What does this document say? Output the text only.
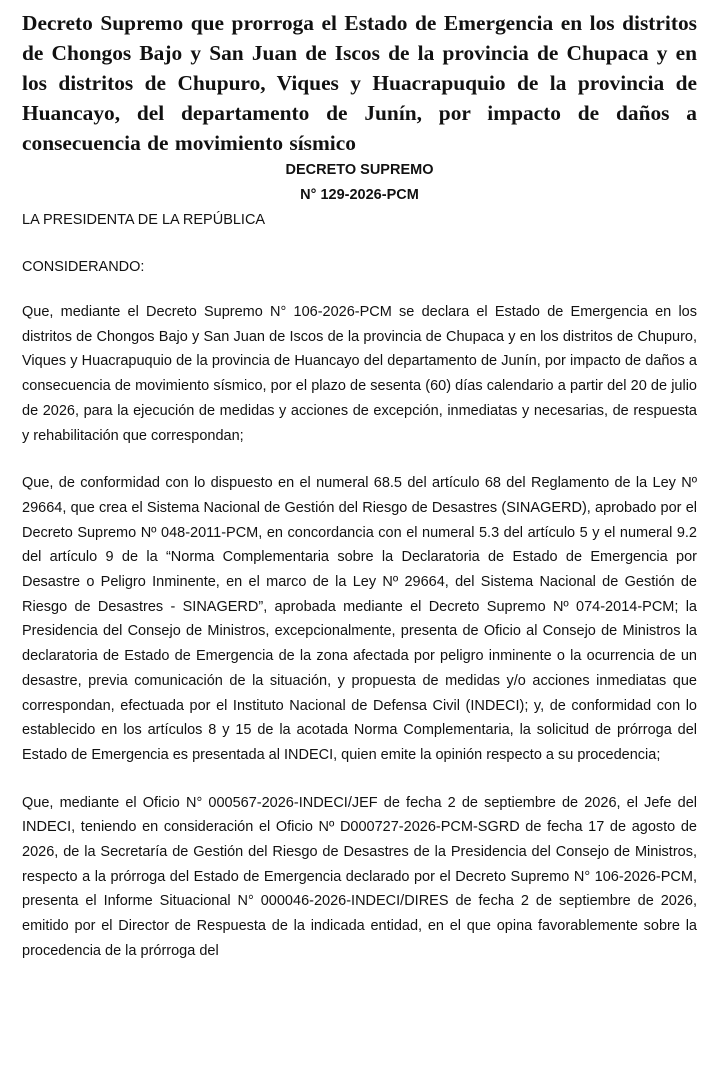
Decreto Supremo que prorroga el Estado de Emergencia en los distritos de Chongos Bajo y San Juan de Iscos de la provincia de Chupaca y en los distritos de Chupuro, Viques y Huacrapuquio de la provincia de Huancayo, del departamento de Junín, por impacto de daños a consecuencia de movimiento sísmico

DECRETO SUPREMO

N° 129-2026-PCM

LA PRESIDENTA DE LA REPÚBLICA

CONSIDERANDO:

Que, mediante el Decreto Supremo N° 106-2026-PCM se declara el Estado de Emergencia en los distritos de Chongos Bajo y San Juan de Iscos de la provincia de Chupaca y en los distritos de Chupuro, Viques y Huacrapuquio de la provincia de Huancayo del departamento de Junín, por impacto de daños a consecuencia de movimiento sísmico, por el plazo de sesenta (60) días calendario a partir del 20 de julio de 2026, para la ejecución de medidas y acciones de excepción, inmediatas y necesarias, de respuesta y rehabilitación que correspondan;

Que, de conformidad con lo dispuesto en el numeral 68.5 del artículo 68 del Reglamento de la Ley Nº 29664, que crea el Sistema Nacional de Gestión del Riesgo de Desastres (SINAGERD), aprobado por el Decreto Supremo Nº 048-2011-PCM, en concordancia con el numeral 5.3 del artículo 5 y el numeral 9.2 del artículo 9 de la “Norma Complementaria sobre la Declaratoria de Estado de Emergencia por Desastre o Peligro Inminente, en el marco de la Ley Nº 29664, del Sistema Nacional de Gestión de Riesgo de Desastres - SINAGERD”, aprobada mediante el Decreto Supremo Nº 074-2014-PCM; la Presidencia del Consejo de Ministros, excepcionalmente, presenta de Oficio al Consejo de Ministros la declaratoria de Estado de Emergencia de la zona afectada por peligro inminente o la ocurrencia de un desastre, previa comunicación de la situación, y propuesta de medidas y/o acciones inmediatas que correspondan, efectuada por el Instituto Nacional de Defensa Civil (INDECI); y, de conformidad con lo establecido en los artículos 8 y 15 de la acotada Norma Complementaria, la solicitud de prórroga del Estado de Emergencia es presentada al INDECI, quien emite la opinión respecto a su procedencia;

Que, mediante el Oficio N° 000567-2026-INDECI/JEF de fecha 2 de septiembre de 2026, el Jefe del INDECI, teniendo en consideración el Oficio Nº D000727-2026-PCM-SGRD de fecha 17 de agosto de 2026, de la Secretaría de Gestión del Riesgo de Desastres de la Presidencia del Consejo de Ministros, respecto a la prórroga del Estado de Emergencia declarado por el Decreto Supremo N° 106-2026-PCM, presenta el Informe Situacional N° 000046-2026-INDECI/DIRES de fecha 2 de septiembre de 2026, emitido por el Director de Respuesta de la indicada entidad, en el que opina favorablemente sobre la procedencia de la prórroga del
